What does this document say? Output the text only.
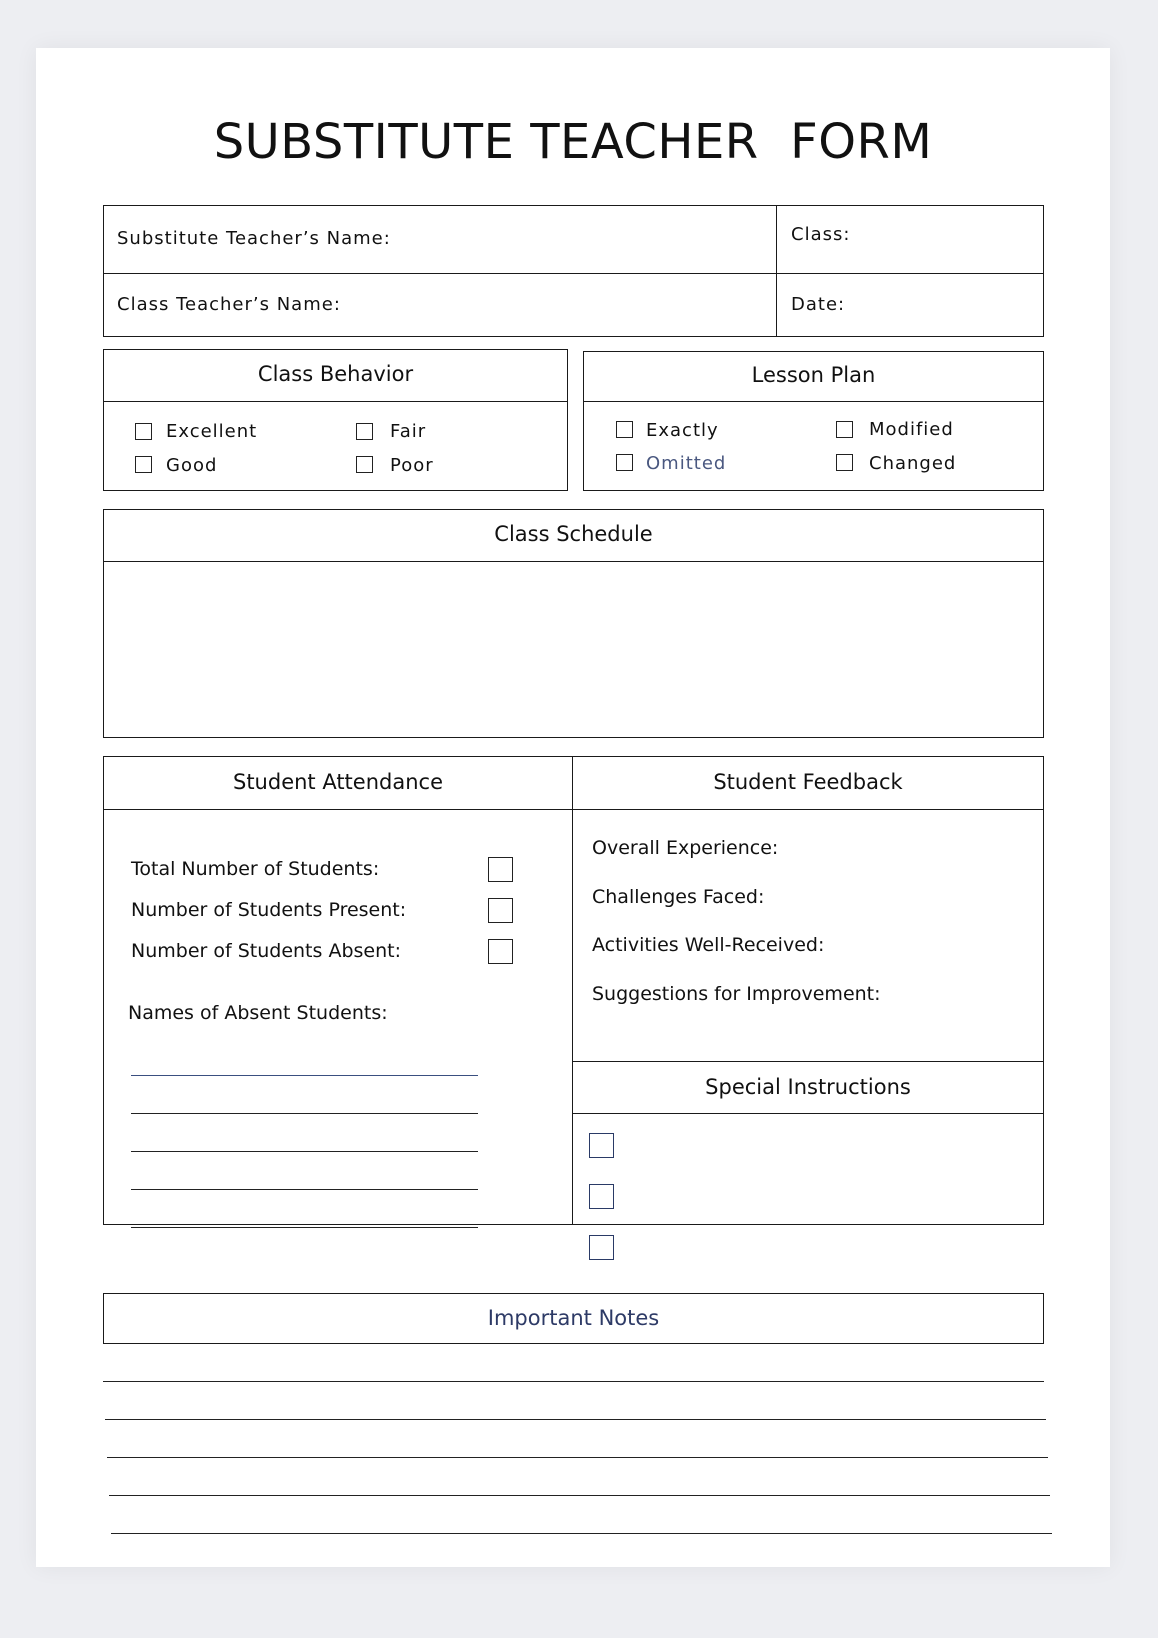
SUBSTITUTE TEACHER  FORM
Substitute Teacher’s Name:	Class:
Class Teacher’s Name:	Date:
Class Behavior
Excellent	Fair
Good	Poor
Lesson Plan
Exactly	Modified
Omitted	Changed
Class Schedule
Student Attendance
Total Number of Students:
Number of Students Present:
Number of Students Absent:
Names of Absent Students:
Student Feedback
Overall Experience:
Challenges Faced:
Activities Well-Received:
Suggestions for Improvement:
Special Instructions
Important Notes
